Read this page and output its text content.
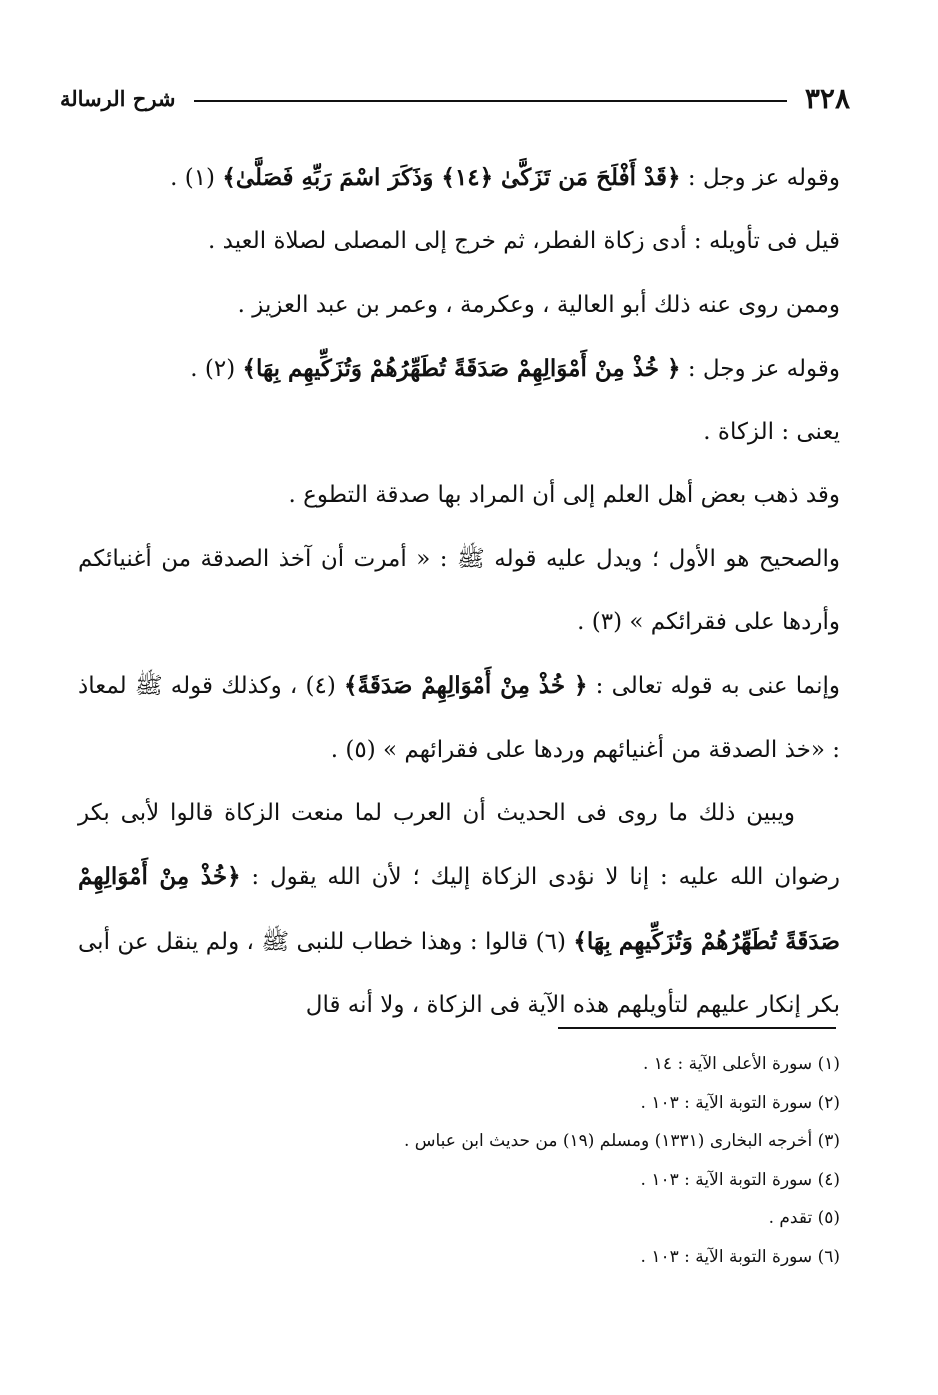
٣٢٨
شرح الرسالة

وقوله عز وجل : ﴿قَدْ أَفْلَحَ مَن تَزَكَّىٰ ﴿١٤﴾ وَذَكَرَ اسْمَ رَبِّهِ فَصَلَّىٰ﴾ (١) .

قيل فى تأويله : أدى زكاة الفطر، ثم خرج إلى المصلى لصلاة العيد .

وممن روى عنه ذلك أبو العالية ، وعكرمة ، وعمر بن عبد العزيز .

وقوله عز وجل : ﴿ خُذْ مِنْ أَمْوَالِهِمْ صَدَقَةً تُطَهِّرُهُمْ وَتُزَكِّيهِم بِهَا﴾ (٢) .

يعنى : الزكاة .

وقد ذهب بعض أهل العلم إلى أن المراد بها صدقة التطوع .

والصحيح هو الأول ؛ ويدل عليه قوله ﷺ : « أمرت أن آخذ الصدقة من أغنيائكم وأردها على فقرائكم » (٣) .

وإنما عنى به قوله تعالى : ﴿ خُذْ مِنْ أَمْوَالِهِمْ صَدَقَةً﴾ (٤) ، وكذلك قوله ﷺ لمعاذ : «خذ الصدقة من أغنيائهم وردها على فقرائهم » (٥) .

ويبين ذلك ما روى فى الحديث أن العرب لما منعت الزكاة قالوا لأبى بكر رضوان الله عليه : إنا لا نؤدى الزكاة إليك ؛ لأن الله يقول : ﴿خُذْ مِنْ أَمْوَالِهِمْ صَدَقَةً تُطَهِّرُهُمْ وَتُزَكِّيهِم بِهَا﴾ (٦) قالوا : وهذا خطاب للنبى ﷺ ، ولم ينقل عن أبى بكر إنكار عليهم لتأويلهم هذه الآية فى الزكاة ، ولا أنه قال

(١) سورة الأعلى الآية : ١٤ .
(٢) سورة التوبة الآية : ١٠٣ .
(٣) أخرجه البخارى (١٣٣١) ومسلم (١٩) من حديث ابن عباس .
(٤) سورة التوبة الآية : ١٠٣ .
(٥) تقدم .
(٦) سورة التوبة الآية : ١٠٣ .
